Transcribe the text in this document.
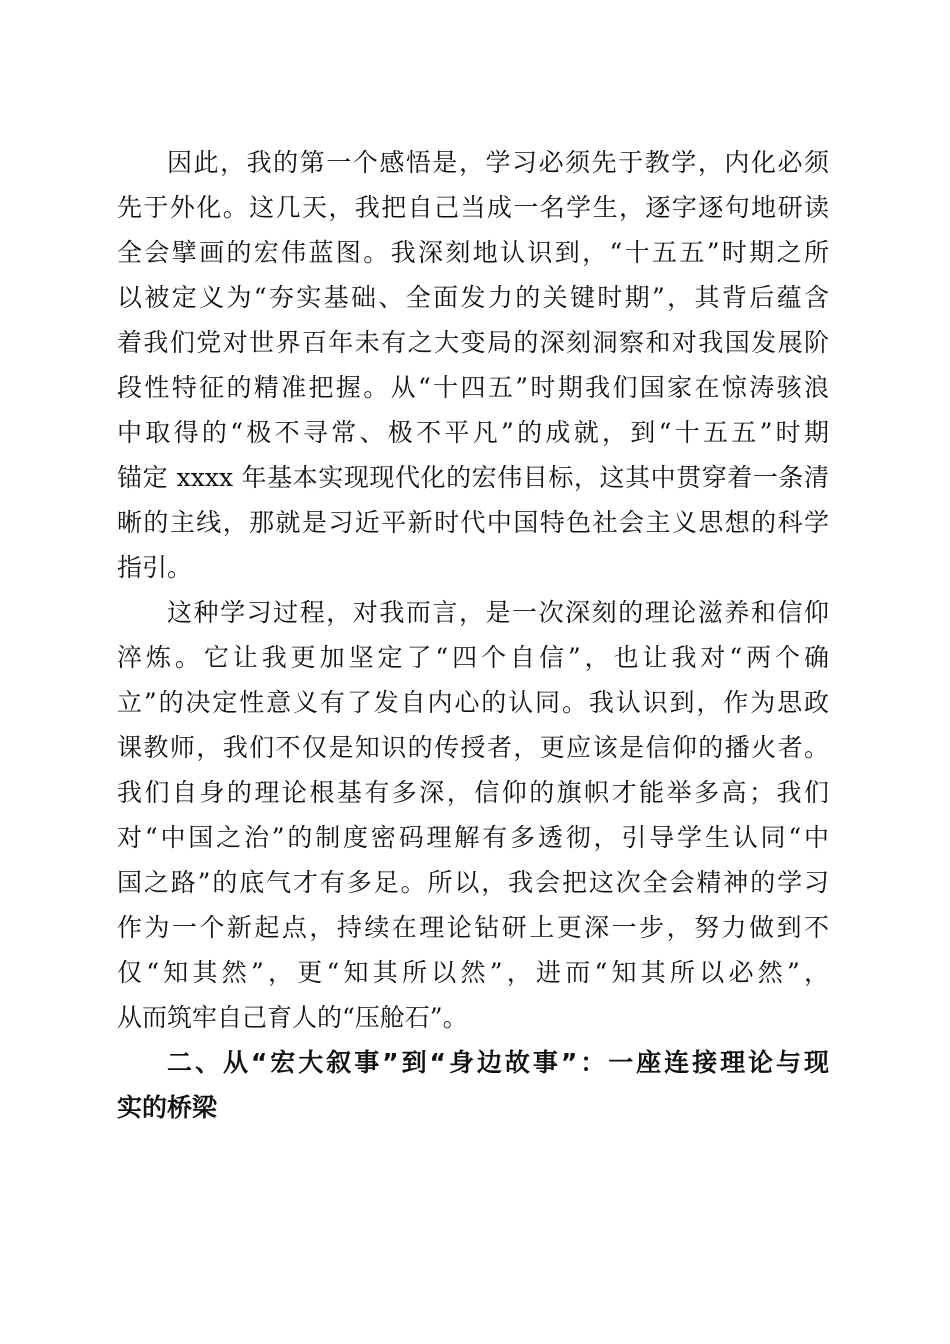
因此，我的第一个感悟是，学习必须先于教学，内化必须
先于外化。这几天，我把自己当成一名学生，逐字逐句地研读
全会擘画的宏伟蓝图。我深刻地认识到，“十五五”时期之所
以被定义为“夯实基础、全面发力的关键时期”，其背后蕴含
着我们党对世界百年未有之大变局的深刻洞察和对我国发展阶
段性特征的精准把握。从“十四五”时期我们国家在惊涛骇浪
中取得的“极不寻常、极不平凡”的成就，到“十五五”时期
锚定 xxxx 年基本实现现代化的宏伟目标，这其中贯穿着一条清
晰的主线，那就是习近平新时代中国特色社会主义思想的科学
指引。
这种学习过程，对我而言，是一次深刻的理论滋养和信仰
淬炼。它让我更加坚定了“四个自信”，也让我对“两个确
立”的决定性意义有了发自内心的认同。我认识到，作为思政
课教师，我们不仅是知识的传授者，更应该是信仰的播火者。
我们自身的理论根基有多深，信仰的旗帜才能举多高；我们
对“中国之治”的制度密码理解有多透彻，引导学生认同“中
国之路”的底气才有多足。所以，我会把这次全会精神的学习
作为一个新起点，持续在理论钻研上更深一步，努力做到不
仅“知其然”，更“知其所以然”，进而“知其所以必然”，
从而筑牢自己育人的“压舱石”。
二、从“宏大叙事”到“身边故事”：一座连接理论与现
实的桥梁
